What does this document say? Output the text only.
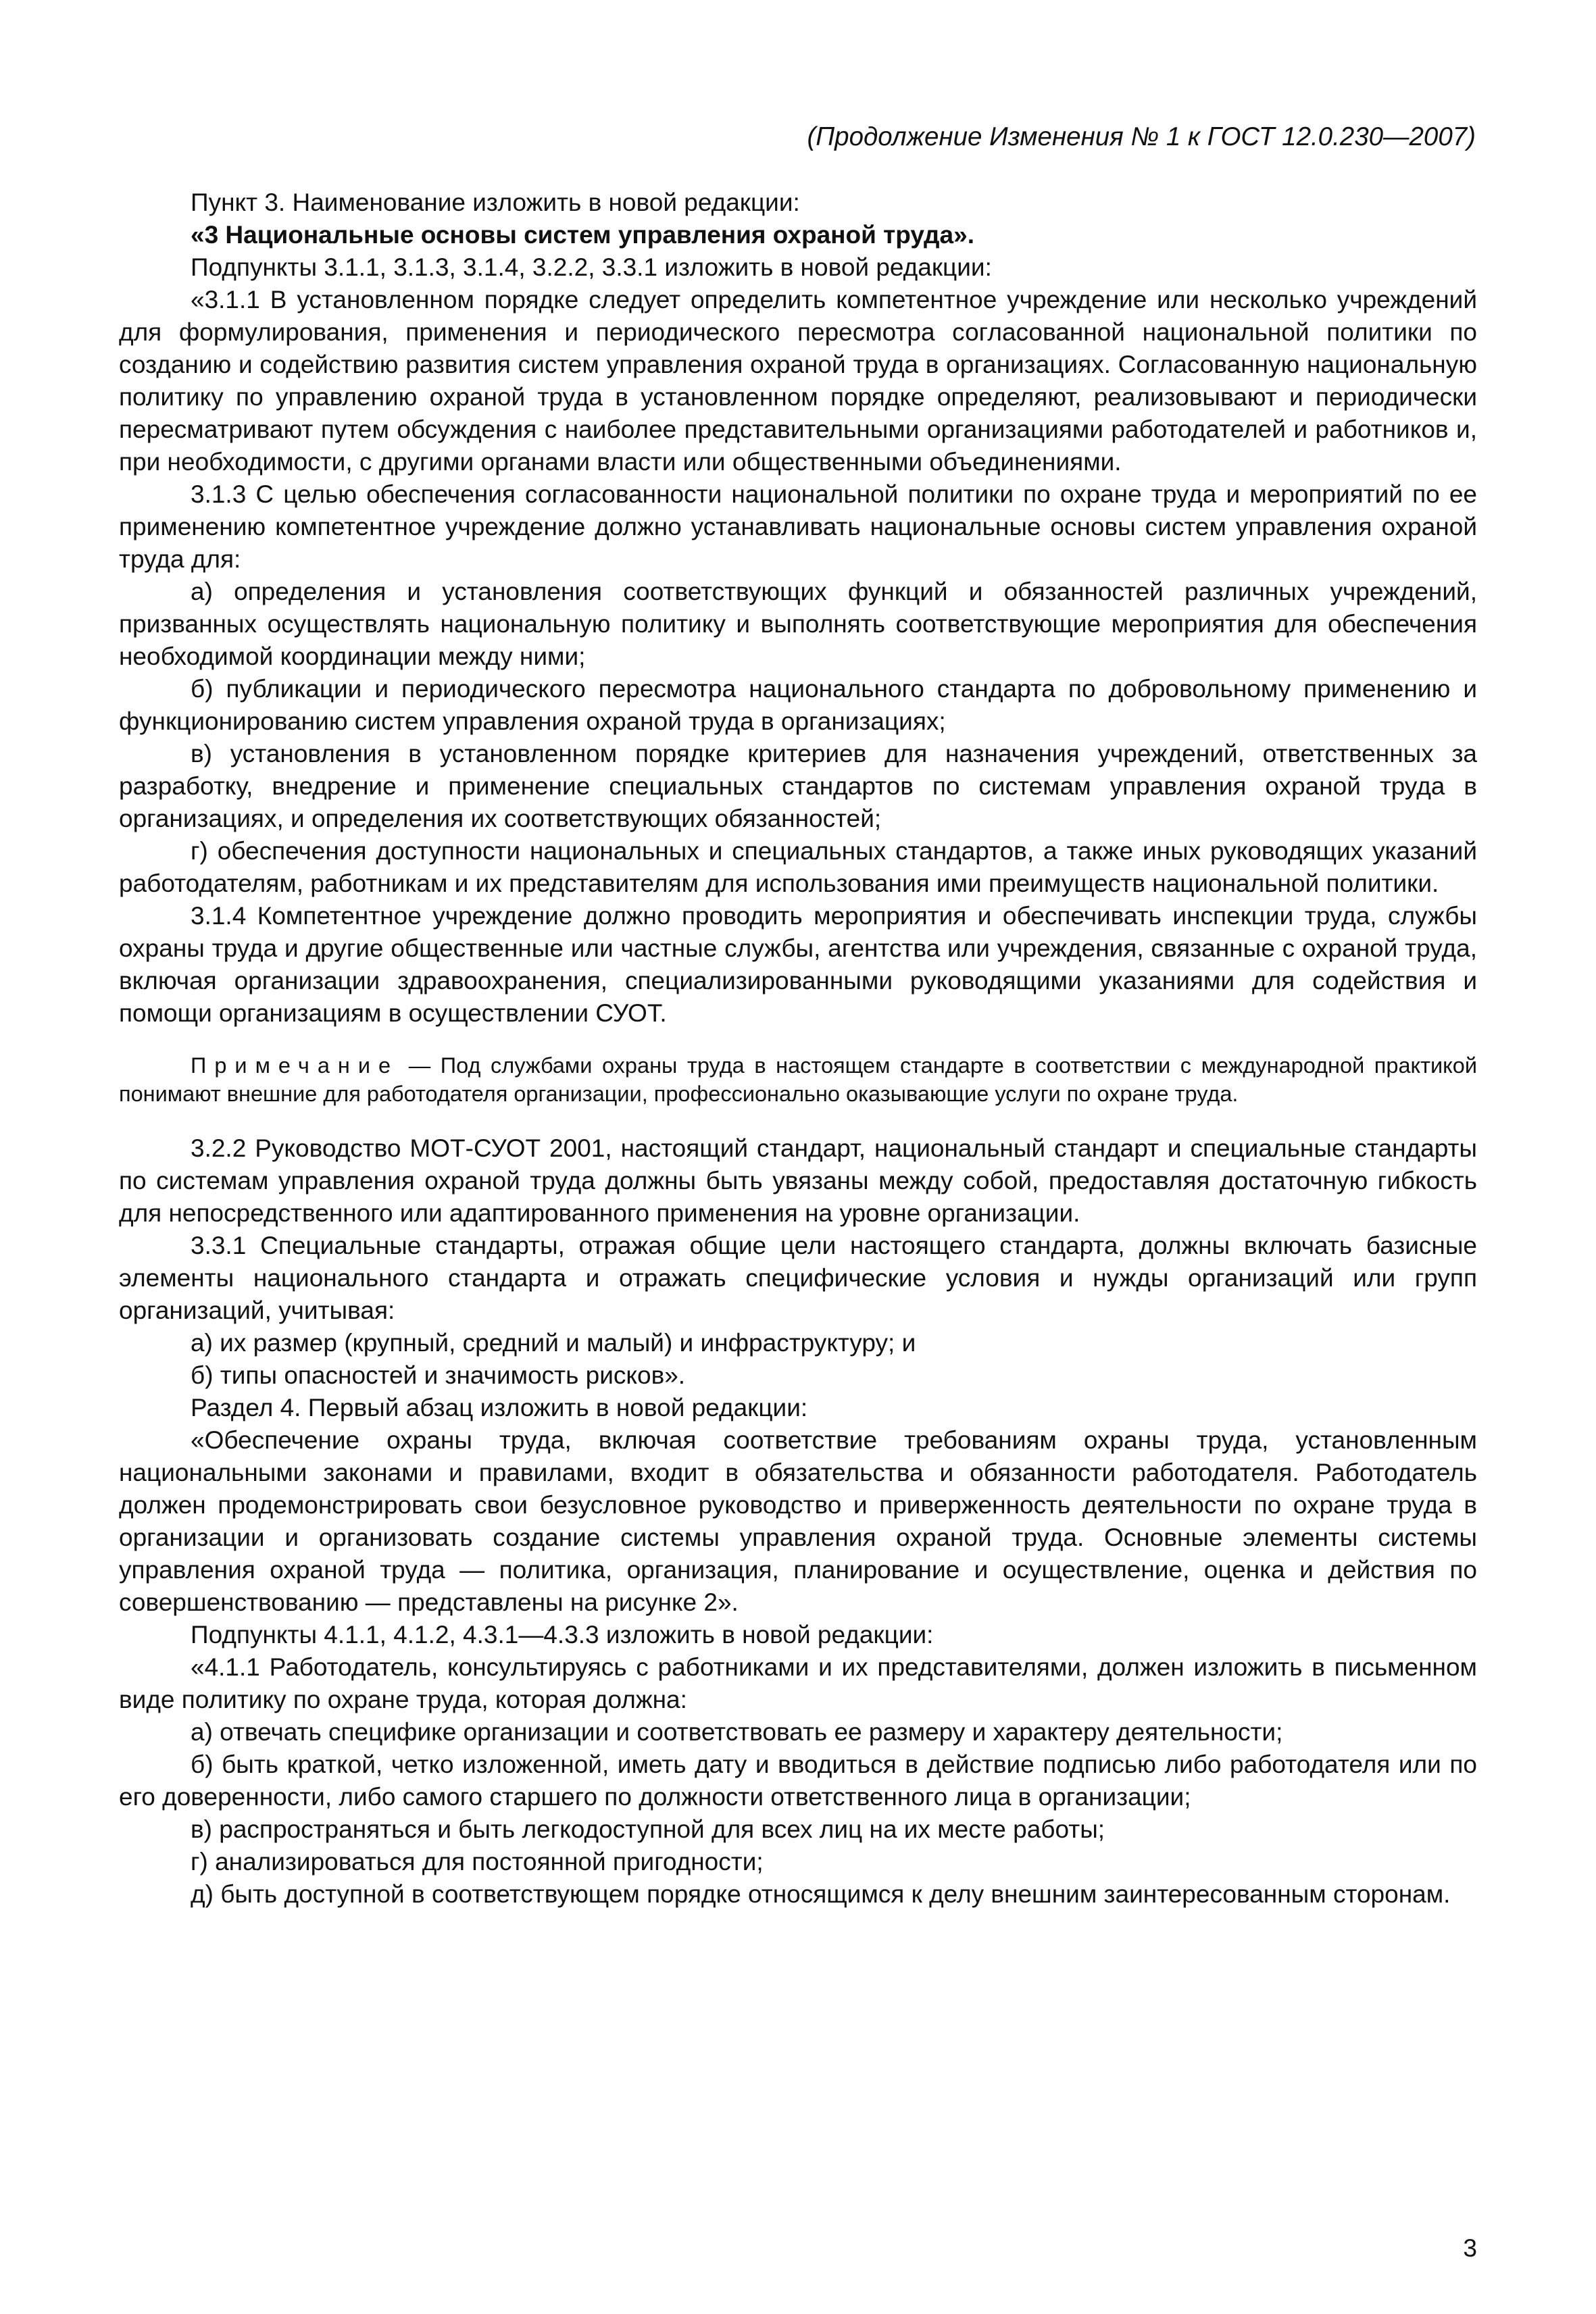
(Продолжение Изменения № 1 к ГОСТ 12.0.230—2007)

Пункт 3. Наименование изложить в новой редакции:

«3 Национальные основы систем управления охраной труда».

Подпункты 3.1.1, 3.1.3, 3.1.4, 3.2.2, 3.3.1 изложить в новой редакции:

«3.1.1 В установленном порядке следует определить компетентное учреждение или несколько учреждений для формулирования, применения и периодического пересмотра согласованной национальной политики по созданию и содействию развития систем управления охраной труда в организациях. Согласованную национальную политику по управлению охраной труда в установленном порядке определяют, реализовывают и периодически пересматривают путем обсуждения с наиболее представительными организациями работодателей и работников и, при необходимости, с другими органами власти или общественными объединениями.

3.1.3 С целью обеспечения согласованности национальной политики по охране труда и мероприятий по ее применению компетентное учреждение должно устанавливать национальные основы систем управления охраной труда для:

а) определения и установления соответствующих функций и обязанностей различных учреждений, призванных осуществлять национальную политику и выполнять соответствующие мероприятия для обеспечения необходимой координации между ними;

б) публикации и периодического пересмотра национального стандарта по добровольному применению и функционированию систем управления охраной труда в организациях;

в) установления в установленном порядке критериев для назначения учреждений, ответственных за разработку, внедрение и применение специальных стандартов по системам управления охраной труда в организациях, и определения их соответствующих обязанностей;

г) обеспечения доступности национальных и специальных стандартов, а также иных руководящих указаний работодателям, работникам и их представителям для использования ими преимуществ национальной политики.

3.1.4 Компетентное учреждение должно проводить мероприятия и обеспечивать инспекции труда, службы охраны труда и другие общественные или частные службы, агентства или учреждения, связанные с охраной труда, включая организации здравоохранения, специализированными руководящими указаниями для содействия и помощи организациям в осуществлении СУОТ.

Примечание — Под службами охраны труда в настоящем стандарте в соответствии с международной практикой понимают внешние для работодателя организации, профессионально оказывающие услуги по охране труда.

3.2.2 Руководство МОТ-СУОТ 2001, настоящий стандарт, национальный стандарт и специальные стандарты по системам управления охраной труда должны быть увязаны между собой, предоставляя достаточную гибкость для непосредственного или адаптированного применения на уровне организации.

3.3.1 Специальные стандарты, отражая общие цели настоящего стандарта, должны включать базисные элементы национального стандарта и отражать специфические условия и нужды организаций или групп организаций, учитывая:

а) их размер (крупный, средний и малый) и инфраструктуру; и

б) типы опасностей и значимость рисков».

Раздел 4. Первый абзац изложить в новой редакции:

«Обеспечение охраны труда, включая соответствие требованиям охраны труда, установленным национальными законами и правилами, входит в обязательства и обязанности работодателя. Работодатель должен продемонстрировать свои безусловное руководство и приверженность деятельности по охране труда в организации и организовать создание системы управления охраной труда. Основные элементы системы управления охраной труда — политика, организация, планирование и осуществление, оценка и действия по совершенствованию — представлены на рисунке 2».

Подпункты 4.1.1, 4.1.2, 4.3.1—4.3.3 изложить в новой редакции:

«4.1.1 Работодатель, консультируясь с работниками и их представителями, должен изложить в письменном виде политику по охране труда, которая должна:

а) отвечать специфике организации и соответствовать ее размеру и характеру деятельности;

б) быть краткой, четко изложенной, иметь дату и вводиться в действие подписью либо работодателя или по его доверенности, либо самого старшего по должности ответственного лица в организации;

в) распространяться и быть легкодоступной для всех лиц на их месте работы;

г) анализироваться для постоянной пригодности;

д) быть доступной в соответствующем порядке относящимся к делу внешним заинтересованным сторонам.

3
